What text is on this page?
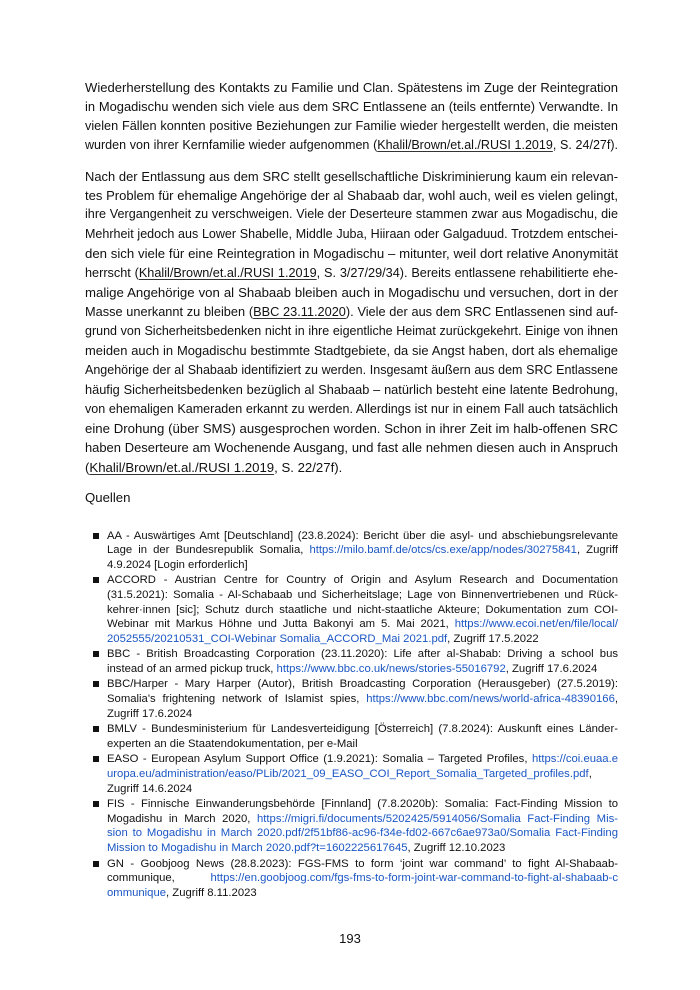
Wiederherstellung des Kontakts zu Familie und Clan. Spätestens im Zuge der Reintegration
in Mogadischu wenden sich viele aus dem SRC Entlassene an (teils entfernte) Verwandte. In
vielen Fällen konnten positive Beziehungen zur Familie wieder hergestellt werden, die meisten
wurden von ihrer Kernfamilie wieder aufgenommen (Khalil/Brown/et.al./RUSI 1.2019, S. 24/27f).

Nach der Entlassung aus dem SRC stellt gesellschaftliche Diskriminierung kaum ein relevan-
tes Problem für ehemalige Angehörige der al Shabaab dar, wohl auch, weil es vielen gelingt,
ihre Vergangenheit zu verschweigen. Viele der Deserteure stammen zwar aus Mogadischu, die
Mehrheit jedoch aus Lower Shabelle, Middle Juba, Hiiraan oder Galgaduud. Trotzdem entschei-
den sich viele für eine Reintegration in Mogadischu – mitunter, weil dort relative Anonymität
herrscht (Khalil/Brown/et.al./RUSI 1.2019, S. 3/27/29/34). Bereits entlassene rehabilitierte ehe-
malige Angehörige von al Shabaab bleiben auch in Mogadischu und versuchen, dort in der
Masse unerkannt zu bleiben (BBC 23.11.2020). Viele der aus dem SRC Entlassenen sind auf-
grund von Sicherheitsbedenken nicht in ihre eigentliche Heimat zurückgekehrt. Einige von ihnen
meiden auch in Mogadischu bestimmte Stadtgebiete, da sie Angst haben, dort als ehemalige
Angehörige der al Shabaab identifiziert zu werden. Insgesamt äußern aus dem SRC Entlassene
häufig Sicherheitsbedenken bezüglich al Shabaab – natürlich besteht eine latente Bedrohung,
von ehemaligen Kameraden erkannt zu werden. Allerdings ist nur in einem Fall auch tatsächlich
eine Drohung (über SMS) ausgesprochen worden. Schon in ihrer Zeit im halb-offenen SRC
haben Deserteure am Wochenende Ausgang, und fast alle nehmen diesen auch in Anspruch
(Khalil/Brown/et.al./RUSI 1.2019, S. 22/27f).

Quellen

AA - Auswärtiges Amt [Deutschland] (23.8.2024): Bericht über die asyl- und abschiebungsrelevante
Lage in der Bundesrepublik Somalia, https://milo.bamf.de/otcs/cs.exe/app/nodes/30275841, Zugriff
4.9.2024 [Login erforderlich]
ACCORD - Austrian Centre for Country of Origin and Asylum Research and Documentation
(31.5.2021): Somalia - Al-Schabaab und Sicherheitslage; Lage von Binnenvertriebenen und Rück-
kehrer·innen [sic]; Schutz durch staatliche und nicht-staatliche Akteure; Dokumentation zum COI-
Webinar mit Markus Höhne und Jutta Bakonyi am 5. Mai 2021, https://www.ecoi.net/en/file/local/
2052555/20210531_COI-Webinar Somalia_ACCORD_Mai 2021.pdf, Zugriff 17.5.2022
BBC - British Broadcasting Corporation (23.11.2020): Life after al-Shabab: Driving a school bus
instead of an armed pickup truck, https://www.bbc.co.uk/news/stories-55016792, Zugriff 17.6.2024
BBC/Harper - Mary Harper (Autor), British Broadcasting Corporation (Herausgeber) (27.5.2019):
Somalia's frightening network of Islamist spies, https://www.bbc.com/news/world-africa-48390166,
Zugriff 17.6.2024
BMLV - Bundesministerium für Landesverteidigung [Österreich] (7.8.2024): Auskunft eines Länder-
experten an die Staatendokumentation, per e-Mail
EASO - European Asylum Support Office (1.9.2021): Somalia – Targeted Profiles, https://coi.euaa.e
uropa.eu/administration/easo/PLib/2021_09_EASO_COI_Report_Somalia_Targeted_profiles.pdf,
Zugriff 14.6.2024
FIS - Finnische Einwanderungsbehörde [Finnland] (7.8.2020b): Somalia: Fact-Finding Mission to
Mogadishu in March 2020, https://migri.fi/documents/5202425/5914056/Somalia Fact-Finding Mis-
sion to Mogadishu in March 2020.pdf/2f51bf86-ac96-f34e-fd02-667c6ae973a0/Somalia Fact-Finding
Mission to Mogadishu in March 2020.pdf?t=1602225617645, Zugriff 12.10.2023
GN - Goobjoog News (28.8.2023): FGS-FMS to form ‘joint war command’ to fight Al-Shabaab-
communique, https://en.goobjoog.com/fgs-fms-to-form-joint-war-command-to-fight-al-shabaab-c
ommunique, Zugriff 8.11.2023
193
